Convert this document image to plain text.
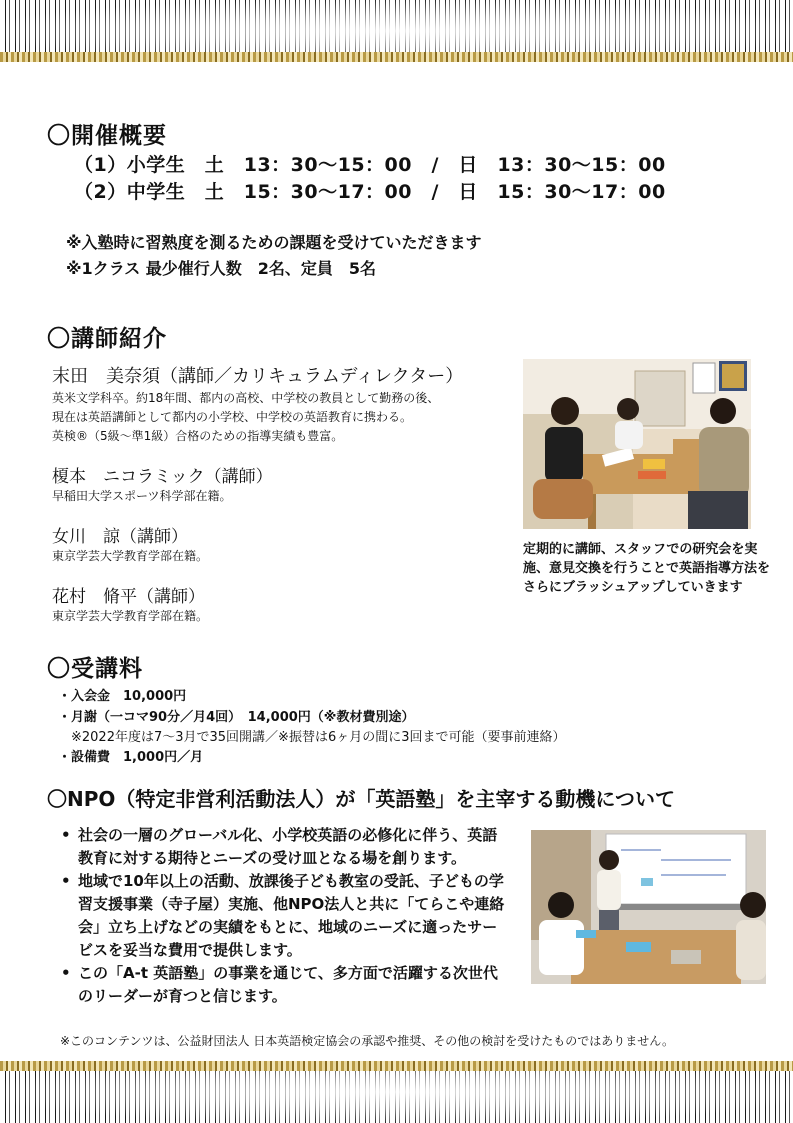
〇開催概要
（1）小学生　土　13：30〜15：00　/　日　13：30〜15：00
（2）中学生　土　15：30〜17：00　/　日　15：30〜17：00
※入塾時に習熟度を測るための課題を受けていただきます
※1クラス 最少催行人数　2名、定員　5名
〇講師紹介
末田　美奈須（講師／カリキュラムディレクター）
英米文学科卒。約18年間、都内の高校、中学校の教員として勤務の後、
現在は英語講師として都内の小学校、中学校の英語教育に携わる。
英検®（5級〜準1級）合格のための指導実績も豊富。
榎本　ニコラミック（講師）
早稲田大学スポーツ科学部在籍。
女川　諒（講師）
東京学芸大学教育学部在籍。
花村　脩平（講師）
東京学芸大学教育学部在籍。
定期的に講師、スタッフでの研究会を実施、意見交換を行うことで英語指導方法をさらにブラッシュアップしていきます
〇受講料
・入会金　10,000円
・月謝（一コマ90分／月4回）　14,000円（※教材費別途）
　※2022年度は7〜3月で35回開講／※振替は6ヶ月の間に3回まで可能（要事前連絡）
・設備費　1,000円／月
〇NPO（特定非営利活動法人）が「英語塾」を主宰する動機について
• 社会の一層のグローバル化、小学校英語の必修化に伴う、英語教育に対する期待とニーズの受け皿となる場を創ります。
• 地域で10年以上の活動、放課後子ども教室の受託、子どもの学習支援事業（寺子屋）実施、他NPO法人と共に「てらこや連絡会」立ち上げなどの実績をもとに、地域のニーズに適ったサービスを妥当な費用で提供します。
• この「A-t 英語塾」の事業を通じて、多方面で活躍する次世代のリーダーが育つと信じます。
※このコンテンツは、公益財団法人 日本英語検定協会の承認や推奨、その他の検討を受けたものではありません。
